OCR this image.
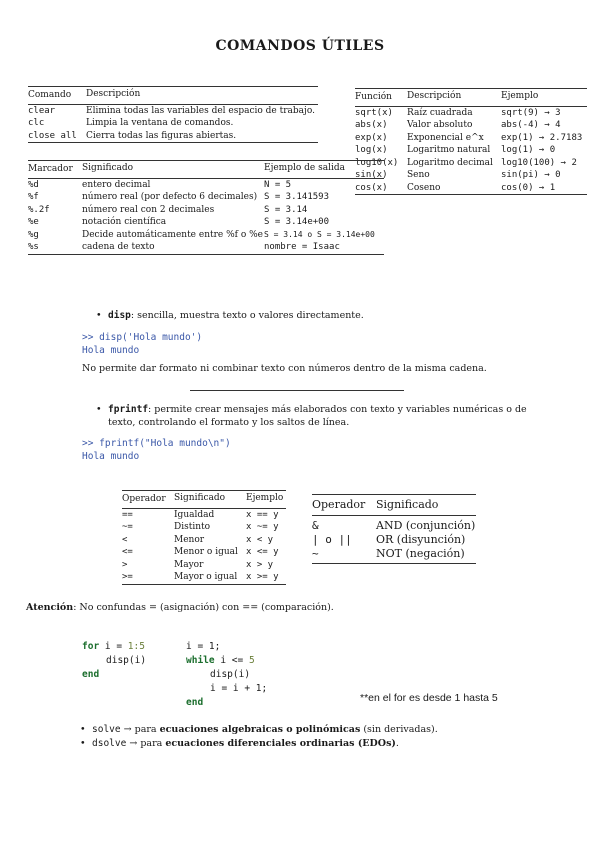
COMANDOS ÚTILES
Comando	Descripción
clear	Elimina todas las variables del espacio de trabajo.
clc	Limpia la ventana de comandos.
close all	Cierra todas las figuras abiertas.
Función	Descripción	Ejemplo
sqrt(x)	Raíz cuadrada	sqrt(9) → 3
abs(x)	Valor absoluto	abs(-4) → 4
exp(x)	Exponencial e^x	exp(1) → 2.7183
log(x)	Logaritmo natural	log(1) → 0
log10(x)	Logaritmo decimal	log10(100) → 2
sin(x)	Seno	sin(pi) → 0
cos(x)	Coseno	cos(0) → 1
Marcador	Significado	Ejemplo de salida
%d	entero decimal	N = 5
%f	número real (por defecto 6 decimales)	S = 3.141593
%.2f	número real con 2 decimales	S = 3.14
%e	notación científica	S = 3.14e+00
%g	Decide automáticamente entre %f o %e	S = 3.14 o S = 3.14e+00
%s	cadena de texto	nombre = Isaac
• disp: sencilla, muestra texto o valores directamente.
>> disp('Hola mundo')
Hola mundo
No permite dar formato ni combinar texto con números dentro de la misma cadena.
• fprintf: permite crear mensajes más elaborados con texto y variables numéricas o de
texto, controlando el formato y los saltos de línea.
>> fprintf("Hola mundo\n")
Hola mundo
Operador	Significado	Ejemplo
==	Igualdad	x == y
~=	Distinto	x ~= y
<	Menor	x < y
<=	Menor o igual	x <= y
>	Mayor	x > y
>=	Mayor o igual	x >= y
Operador	Significado
&	AND (conjunción)
| o ||	OR (disyunción)
~	NOT (negación)
Atención: No confundas = (asignación) con == (comparación).
for i = 1:5
disp(i)
end
i = 1;
while i <= 5
disp(i)
i = i + 1;
end	**en el for es desde 1 hasta 5
• solve → para ecuaciones algebraicas o polinómicas (sin derivadas).
• dsolve → para ecuaciones diferenciales ordinarias (EDOs).
